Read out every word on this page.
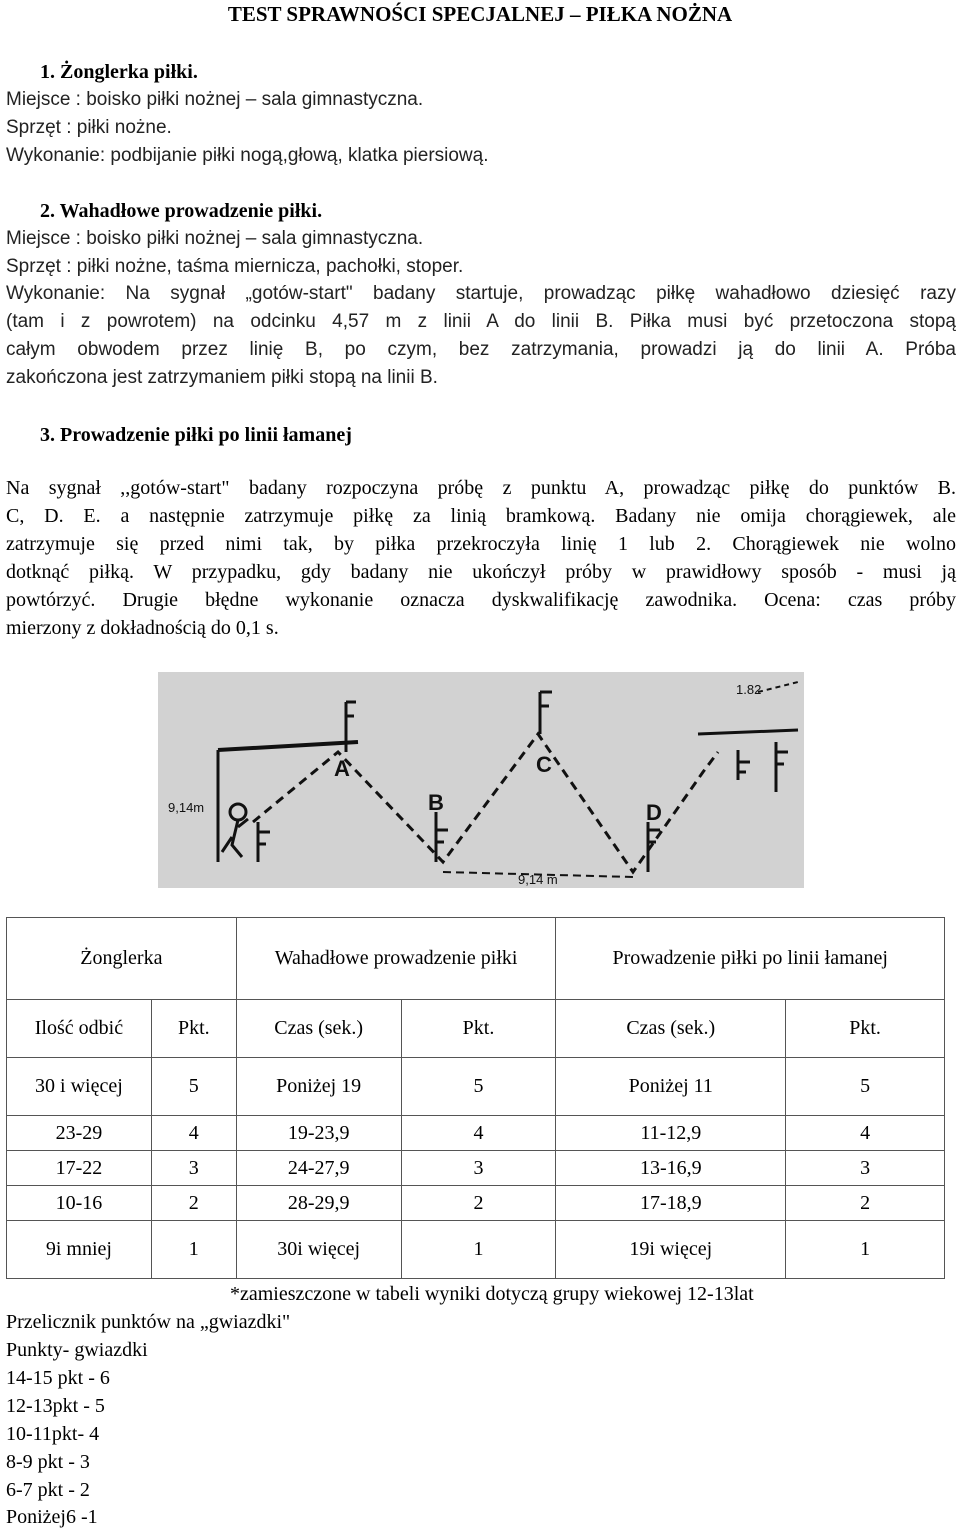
TEST SPRAWNOŚCI SPECJALNEJ – PIŁKA NOŻNA
1. Żonglerka piłki.
Miejsce : boisko piłki nożnej – sala gimnastyczna.
Sprzęt : piłki nożne.
Wykonanie: podbijanie piłki nogą,głową, klatka piersiową.
2. Wahadłowe prowadzenie piłki.
Miejsce : boisko piłki nożnej – sala gimnastyczna.
Sprzęt : piłki nożne, taśma miernicza, pachołki, stoper.
Wykonanie: Na sygnał „gotów-start" badany startuje, prowadząc piłkę wahadłowo dziesięć razy
(tam i z powrotem) na odcinku 4,57 m z linii A do linii B. Piłka musi być przetoczona stopą
całym obwodem przez linię B, po czym, bez zatrzymania, prowadzi ją do linii A. Próba
zakończona jest zatrzymaniem piłki stopą na linii B.
3. Prowadzenie piłki po linii łamanej
Na sygnał ,,gotów-start" badany rozpoczyna próbę z punktu A, prowadząc piłkę do punktów B.
C, D. E. a następnie zatrzymuje piłkę za linią bramkową. Badany nie omija chorągiewek, ale
zatrzymuje się przed nimi tak, by piłka przekroczyła linię 1 lub 2. Chorągiewek nie wolno
dotknąć piłką. W przypadku, gdy badany nie ukończył próby w prawidłowy sposób - musi ją
powtórzyć. Drugie błędne wykonanie oznacza dyskwalifikację zawodnika. Ocena: czas próby
mierzony z dokładnością do 0,1 s.
A
B
C
D
9,14m
9,14 m
1.82
Żonglerka		Wahadłowe prowadzenie piłki		Prowadzenie piłki po linii łamanej	
Ilość odbić	Pkt.	Czas (sek.)	Pkt.	Czas (sek.)	Pkt.
30 i więcej	5	Poniżej 19	5	Poniżej 11	5
23-29	4	19-23,9	4	11-12,9	4
17-22	3	24-27,9	3	13-16,9	3
10-16	2	28-29,9	2	17-18,9	2
9i mniej	1	30i więcej	1	19i więcej	1
*zamieszczone w tabeli wyniki dotyczą grupy wiekowej 12-13lat
Przelicznik punktów na „gwiazdki"
Punkty- gwiazdki
14-15 pkt - 6
12-13pkt - 5
10-11pkt- 4
8-9 pkt - 3
6-7 pkt - 2
Poniżej6 -1
